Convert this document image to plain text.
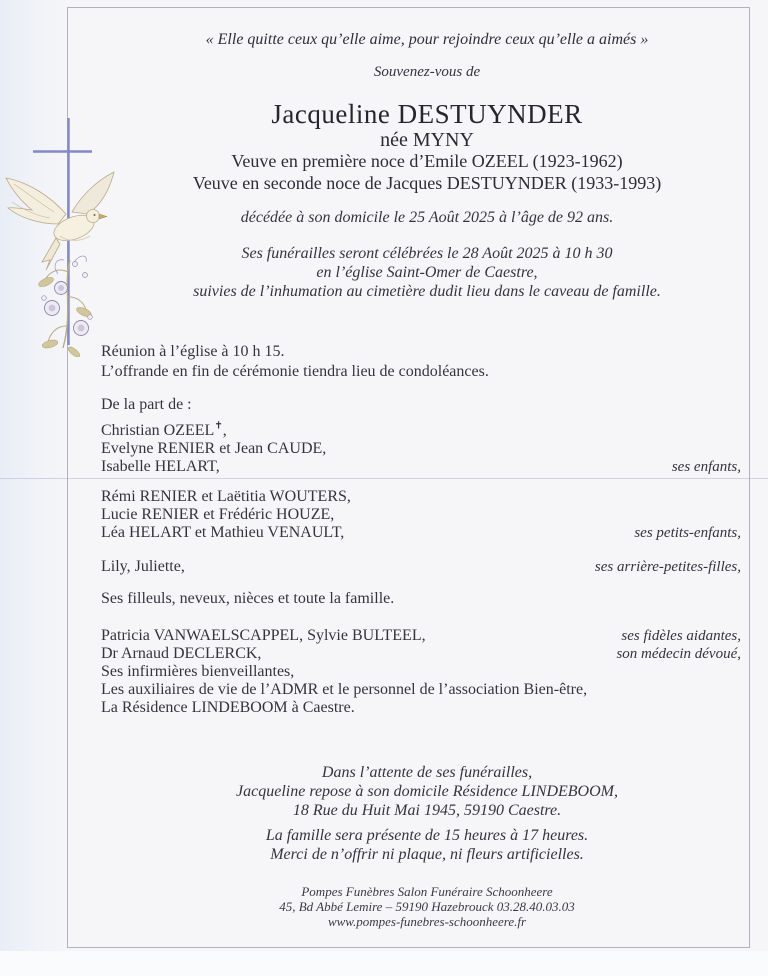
« Elle quitte ceux qu’elle aime, pour rejoindre ceux qu’elle a aimés »
Souvenez-vous de
Jacqueline DESTUYNDER
née MYNY
Veuve en première noce d’Emile OZEEL (1923-1962)
Veuve en seconde noce de Jacques DESTUYNDER (1933-1993)
décédée à son domicile le 25 Août 2025 à l’âge de 92 ans.
Ses funérailles seront célébrées le 28 Août 2025 à 10 h 30
en l’église Saint-Omer de Caestre,
suivies de l’inhumation au cimetière dudit lieu dans le caveau de famille.
Réunion à l’église à 10 h 15.
L’offrande en fin de cérémonie tiendra lieu de condoléances.
De la part de :
Christian OZEEL✝,
Evelyne RENIER et Jean CAUDE,
Isabelle HELART,	ses enfants,
Rémi RENIER et Laëtitia WOUTERS,
Lucie RENIER et Frédéric HOUZE,
Léa HELART et Mathieu VENAULT,	ses petits-enfants,
Lily, Juliette,	ses arrière-petites-filles,
Ses filleuls, neveux, nièces et toute la famille.
Patricia VANWAELSCAPPEL, Sylvie BULTEEL,	ses fidèles aidantes,
Dr Arnaud DECLERCK,	son médecin dévoué,
Ses infirmières bienveillantes,
Les auxiliaires de vie de l’ADMR et le personnel de l’association Bien-être,
La Résidence LINDEBOOM à Caestre.
Dans l’attente de ses funérailles,
Jacqueline repose à son domicile Résidence LINDEBOOM,
18 Rue du Huit Mai 1945, 59190 Caestre.
La famille sera présente de 15 heures à 17 heures.
Merci de n’offrir ni plaque, ni fleurs artificielles.
Pompes Funèbres Salon Funéraire Schoonheere
45, Bd Abbé Lemire – 59190 Hazebrouck 03.28.40.03.03
www.pompes-funebres-schoonheere.fr
